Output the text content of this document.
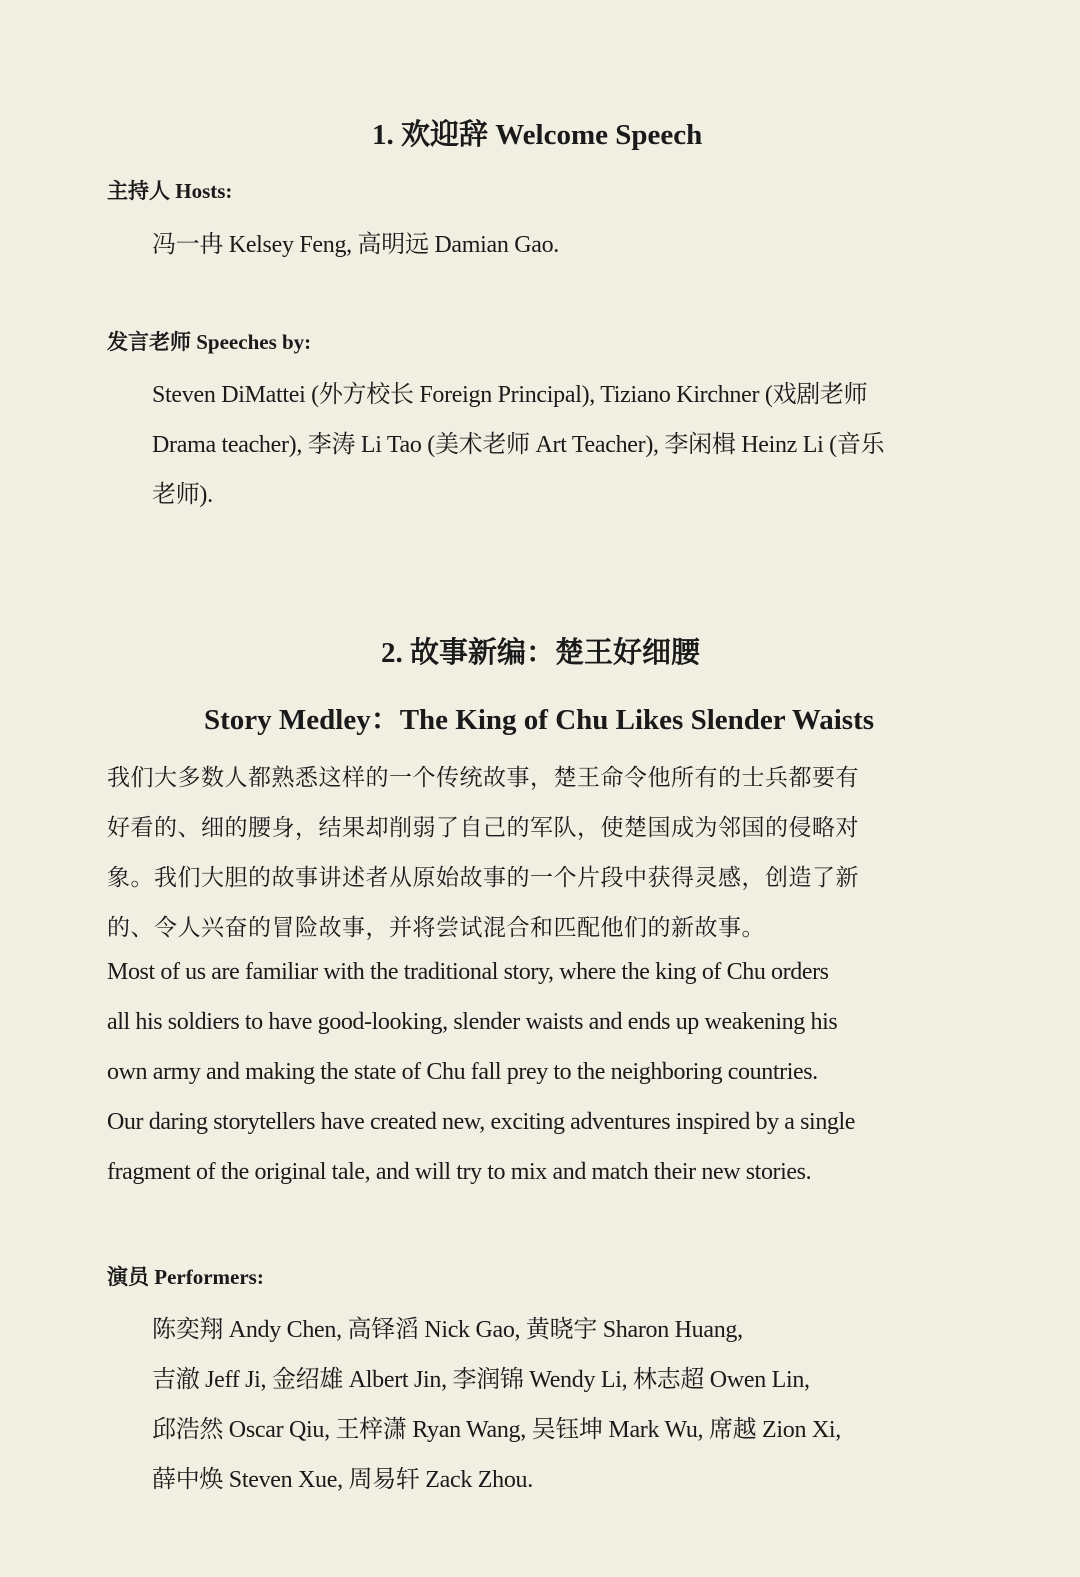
1. 欢迎辞 Welcome Speech
主持人 Hosts:
冯一冉 Kelsey Feng, 高明远 Damian Gao.
发言老师 Speeches by:
Steven DiMattei (外方校长 Foreign Principal), Tiziano Kirchner (戏剧老师
Drama teacher), 李涛 Li Tao (美术老师 Art Teacher), 李闲楫 Heinz Li (音乐
老师).
2. 故事新编：楚王好细腰
Story Medley：The King of Chu Likes Slender Waists
我们大多数人都熟悉这样的一个传统故事，楚王命令他所有的士兵都要有
好看的、细的腰身，结果却削弱了自己的军队，使楚国成为邻国的侵略对
象。我们大胆的故事讲述者从原始故事的一个片段中获得灵感，创造了新
的、令人兴奋的冒险故事，并将尝试混合和匹配他们的新故事。
Most of us are familiar with the traditional story, where the king of Chu orders
all his soldiers to have good-looking, slender waists and ends up weakening his
own army and making the state of Chu fall prey to the neighboring countries.
Our daring storytellers have created new, exciting adventures inspired by a single
fragment of the original tale, and will try to mix and match their new stories.
演员 Performers:
陈奕翔 Andy Chen, 高铎滔 Nick Gao, 黄晓宇 Sharon Huang,
吉澈 Jeff Ji, 金绍雄 Albert Jin, 李润锦 Wendy Li, 林志超 Owen Lin,
邱浩然 Oscar Qiu, 王梓潇 Ryan Wang, 吴钰坤 Mark Wu, 席越 Zion Xi,
薛中焕 Steven Xue, 周易轩 Zack Zhou.
